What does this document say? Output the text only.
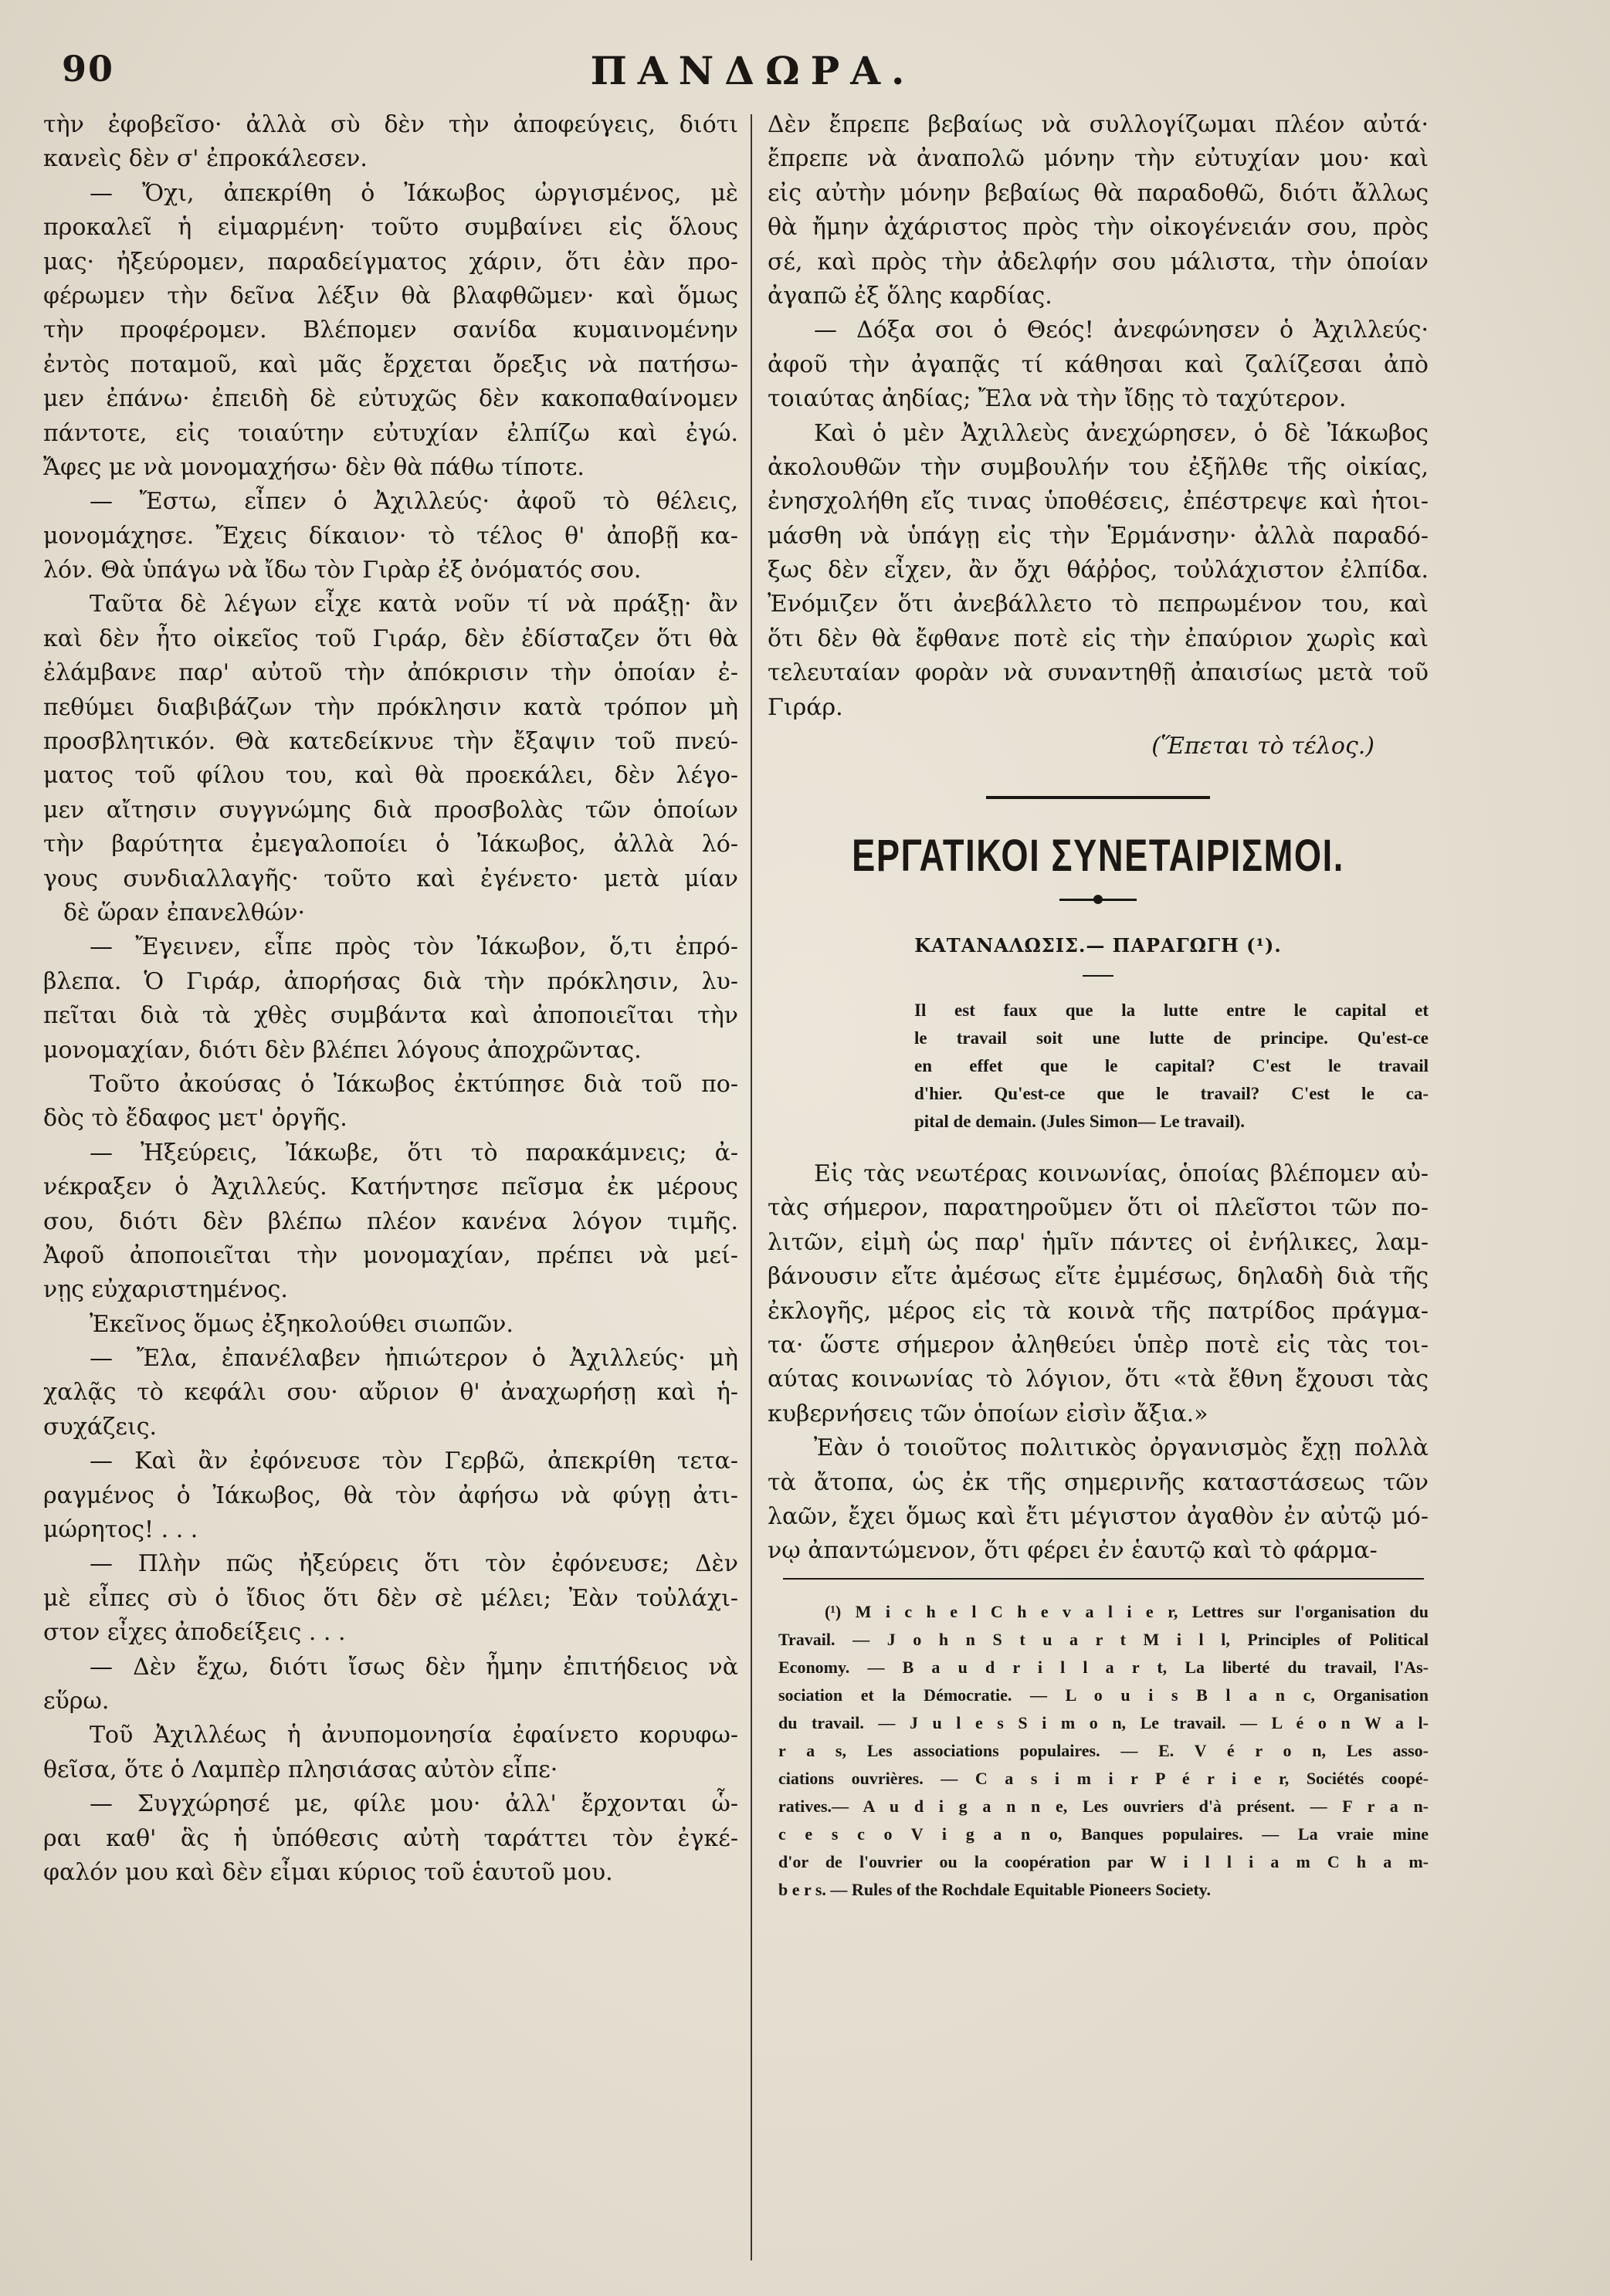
90	ΠΑΝΔΩΡΑ.
τὴν ἐφοβεῖσο· ἀλλὰ σὺ δὲν τὴν ἀποφεύγεις, διότι
κανεὶς δὲν σ' ἐπροκάλεσεν.
— Ὄχι, ἀπεκρίθη ὁ Ἰάκωβος ὠργισμένος, μὲ
προκαλεῖ ἡ εἱμαρμένη· τοῦτο συμβαίνει εἰς ὅλους
μας· ἠξεύρομεν, παραδείγματος χάριν, ὅτι ἐὰν προ-
φέρωμεν τὴν δεῖνα λέξιν θὰ βλαφθῶμεν· καὶ ὅμως
τὴν προφέρομεν. Βλέπομεν σανίδα κυμαινομένην
ἐντὸς ποταμοῦ, καὶ μᾶς ἔρχεται ὄρεξις νὰ πατήσω-
μεν ἐπάνω· ἐπειδὴ δὲ εὐτυχῶς δὲν κακοπαθαίνομεν
πάντοτε, εἰς τοιαύτην εὐτυχίαν ἐλπίζω καὶ ἐγώ.
Ἄφες με νὰ μονομαχήσω· δὲν θὰ πάθω τίποτε.
— Ἔστω, εἶπεν ὁ Ἀχιλλεύς· ἀφοῦ τὸ θέλεις,
μονομάχησε. Ἔχεις δίκαιον· τὸ τέλος θ' ἀποβῇ κα-
λόν. Θὰ ὑπάγω νὰ ἴδω τὸν Γιρὰρ ἐξ ὀνόματός σου.
Ταῦτα δὲ λέγων εἶχε κατὰ νοῦν τί νὰ πράξῃ· ἂν
καὶ δὲν ἦτο οἰκεῖος τοῦ Γιράρ, δὲν ἐδίσταζεν ὅτι θὰ
ἐλάμβανε παρ' αὐτοῦ τὴν ἀπόκρισιν τὴν ὁποίαν ἐ-
πεθύμει διαβιβάζων τὴν πρόκλησιν κατὰ τρόπον μὴ
προσβλητικόν. Θὰ κατεδείκνυε τὴν ἔξαψιν τοῦ πνεύ-
ματος τοῦ φίλου του, καὶ θὰ προεκάλει, δὲν λέγο-
μεν αἴτησιν συγγνώμης διὰ προσβολὰς τῶν ὁποίων
τὴν βαρύτητα ἐμεγαλοποίει ὁ Ἰάκωβος, ἀλλὰ λό-
γους συνδιαλλαγῆς· τοῦτο καὶ ἐγένετο· μετὰ μίαν
δὲ ὥραν ἐπανελθών·
— Ἔγεινεν, εἶπε πρὸς τὸν Ἰάκωβον, ὅ,τι ἐπρό-
βλεπα. Ὁ Γιράρ, ἀπορήσας διὰ τὴν πρόκλησιν, λυ-
πεῖται διὰ τὰ χθὲς συμβάντα καὶ ἀποποιεῖται τὴν
μονομαχίαν, διότι δὲν βλέπει λόγους ἀποχρῶντας.
Τοῦτο ἀκούσας ὁ Ἰάκωβος ἐκτύπησε διὰ τοῦ πο-
δὸς τὸ ἔδαφος μετ' ὀργῆς.
— Ἠξεύρεις, Ἰάκωβε, ὅτι τὸ παρακάμνεις; ἀ-
νέκραξεν ὁ Ἀχιλλεύς. Κατήντησε πεῖσμα ἐκ μέρους
σου, διότι δὲν βλέπω πλέον κανένα λόγον τιμῆς.
Ἀφοῦ ἀποποιεῖται τὴν μονομαχίαν, πρέπει νὰ μεί-
νῃς εὐχαριστημένος.
Ἐκεῖνος ὅμως ἐξηκολούθει σιωπῶν.
— Ἔλα, ἐπανέλαβεν ἠπιώτερον ὁ Ἀχιλλεύς· μὴ
χαλᾷς τὸ κεφάλι σου· αὔριον θ' ἀναχωρήσῃ καὶ ἡ-
συχάζεις.
— Καὶ ἂν ἐφόνευσε τὸν Γερβῶ, ἀπεκρίθη τετα-
ραγμένος ὁ Ἰάκωβος, θὰ τὸν ἀφήσω νὰ φύγῃ ἀτι-
μώρητος! . . .
— Πλὴν πῶς ἠξεύρεις ὅτι τὸν ἐφόνευσε; Δὲν
μὲ εἶπες σὺ ὁ ἴδιος ὅτι δὲν σὲ μέλει; Ἐὰν τοὐλάχι-
στον εἶχες ἀποδείξεις . . .
— Δὲν ἔχω, διότι ἴσως δὲν ἦμην ἐπιτήδειος νὰ
εὕρω.
Τοῦ Ἀχιλλέως ἡ ἀνυπομονησία ἐφαίνετο κορυφω-
θεῖσα, ὅτε ὁ Λαμπὲρ πλησιάσας αὐτὸν εἶπε·
— Συγχώρησέ με, φίλε μου· ἀλλ' ἔρχονται ὧ-
ραι καθ' ἃς ἡ ὑπόθεσις αὐτὴ ταράττει τὸν ἐγκέ-
φαλόν μου καὶ δὲν εἶμαι κύριος τοῦ ἑαυτοῦ μου.
Δὲν ἔπρεπε βεβαίως νὰ συλλογίζωμαι πλέον αὐτά·
ἔπρεπε νὰ ἀναπολῶ μόνην τὴν εὐτυχίαν μου· καὶ
εἰς αὐτὴν μόνην βεβαίως θὰ παραδοθῶ, διότι ἄλλως
θὰ ἤμην ἀχάριστος πρὸς τὴν οἰκογένειάν σου, πρὸς
σέ, καὶ πρὸς τὴν ἀδελφήν σου μάλιστα, τὴν ὁποίαν
ἀγαπῶ ἐξ ὅλης καρδίας.
— Δόξα σοι ὁ Θεός! ἀνεφώνησεν ὁ Ἀχιλλεύς·
ἀφοῦ τὴν ἀγαπᾷς τί κάθησαι καὶ ζαλίζεσαι ἀπὸ
τοιαύτας ἀηδίας; Ἔλα νὰ τὴν ἴδῃς τὸ ταχύτερον.
Καὶ ὁ μὲν Ἀχιλλεὺς ἀνεχώρησεν, ὁ δὲ Ἰάκωβος
ἀκολουθῶν τὴν συμβουλήν του ἐξῆλθε τῆς οἰκίας,
ἐνησχολήθη εἴς τινας ὑποθέσεις, ἐπέστρεψε καὶ ἡτοι-
μάσθη νὰ ὑπάγῃ εἰς τὴν Ἑρμάνσην· ἀλλὰ παραδό-
ξως δὲν εἶχεν, ἂν ὄχι θάῤῥος, τοὐλάχιστον ἐλπίδα.
Ἐνόμιζεν ὅτι ἀνεβάλλετο τὸ πεπρωμένον του, καὶ
ὅτι δὲν θὰ ἔφθανε ποτὲ εἰς τὴν ἐπαύριον χωρὶς καὶ
τελευταίαν φορὰν νὰ συναντηθῇ ἀπαισίως μετὰ τοῦ
Γιράρ.
(Ἕπεται τὸ τέλος.)
ΕΡΓΑΤΙΚΟΙ ΣΥΝΕΤΑΙΡΙΣΜΟΙ.
ΚΑΤΑΝΑΛΩΣΙΣ.— ΠΑΡΑΓΩΓΗ (¹).
Il est faux que la lutte entre le capital et
le travail soit une lutte de principe. Qu'est-ce
en effet que le capital? C'est le travail
d'hier. Qu'est-ce que le travail? C'est le ca-
pital de demain. (Jules Simon— Le travail).
Εἰς τὰς νεωτέρας κοινωνίας, ὁποίας βλέπομεν αὐ-
τὰς σήμερον, παρατηροῦμεν ὅτι οἱ πλεῖστοι τῶν πο-
λιτῶν, εἰμὴ ὡς παρ' ἡμῖν πάντες οἱ ἐνήλικες, λαμ-
βάνουσιν εἴτε ἀμέσως εἴτε ἐμμέσως, δηλαδὴ διὰ τῆς
ἐκλογῆς, μέρος εἰς τὰ κοινὰ τῆς πατρίδος πράγμα-
τα· ὥστε σήμερον ἀληθεύει ὑπὲρ ποτὲ εἰς τὰς τοι-
αύτας κοινωνίας τὸ λόγιον, ὅτι «τὰ ἔθνη ἔχουσι τὰς
κυβερνήσεις τῶν ὁποίων εἰσὶν ἄξια.»
Ἐὰν ὁ τοιοῦτος πολιτικὸς ὀργανισμὸς ἔχῃ πολλὰ
τὰ ἄτοπα, ὡς ἐκ τῆς σημερινῆς καταστάσεως τῶν
λαῶν, ἔχει ὅμως καὶ ἔτι μέγιστον ἀγαθὸν ἐν αὐτῷ μό-
νῳ ἀπαντώμενον, ὅτι φέρει ἐν ἑαυτῷ καὶ τὸ φάρμα-
(¹) M i c h e l C h e v a l i e r, Lettres sur l'organisation du
Travail. — J o h n S t u a r t M i l l, Principles of Political
Economy. — B a u d r i l l a r t, La liberté du travail, l'As-
sociation et la Démocratie. — L o u i s B l a n c, Organisation
du travail. — J u l e s S i m o n, Le travail. — L é o n W a l-
r a s, Les associations populaires. — E. V é r o n, Les asso-
ciations ouvrières. — C a s i m i r P é r i e r, Sociétés coopé-
ratives.— A u d i g a n n e, Les ouvriers d'à présent. — F r a n-
c e s c o V i g a n o, Banques populaires. — La vraie mine
d'or de l'ouvrier ou la coopération par W i l l i a m C h a m-
b e r s. — Rules of the Rochdale Equitable Pioneers Society.
